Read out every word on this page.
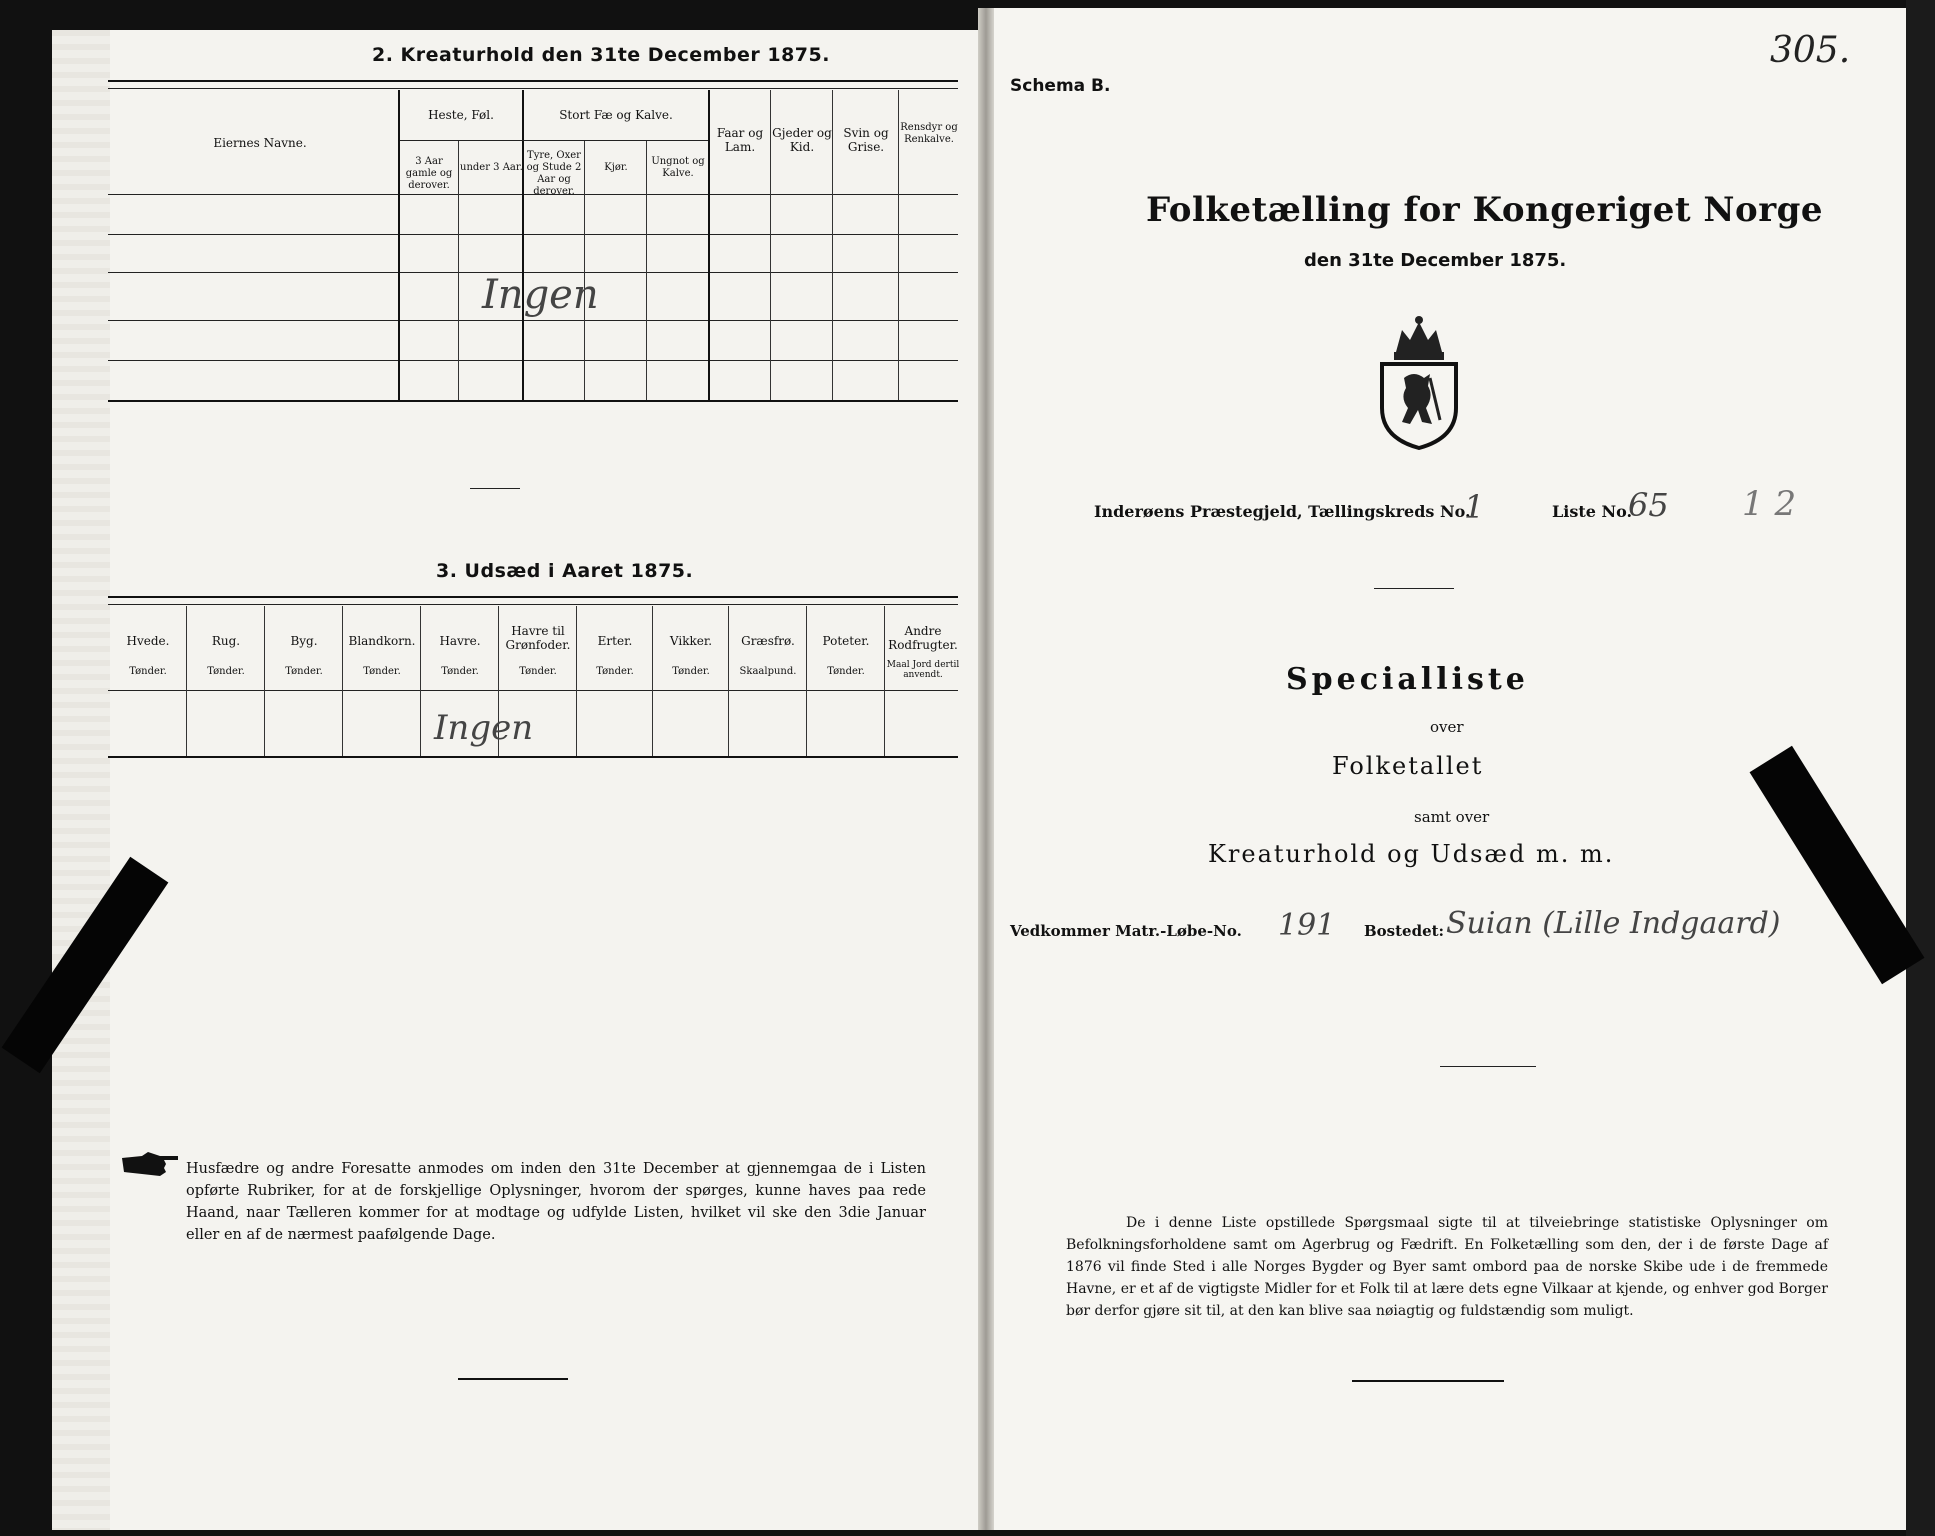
2. Kreaturhold den 31te December 1875.
Eiernes Navne.
Heste, Føl.
3 Aar gamle og derover.
under 3 Aar.
Stort Fæ og Kalve.
Tyre, Oxer og Stude 2 Aar og derover.
Kjør.
Ungnot og Kalve.
Faar og Lam.
Gjeder og Kid.
Svin og Grise.
Rensdyr og Renkalve.
Ingen
3. Udsæd i Aaret 1875.
Hvede.
Tønder.
Rug.
Tønder.
Byg.
Tønder.
Blandkorn.
Tønder.
Havre.
Tønder.
Havre til Grønfoder.
Tønder.
Erter.
Tønder.
Vikker.
Tønder.
Græsfrø.
Skaalpund.
Poteter.
Tønder.
Andre Rodfrugter.
Maal Jord dertil anvendt.
Ingen
Husfædre og andre Foresatte anmodes om inden den 31te December at gjennemgaa de i Listen opførte Rubriker, for at de forskjellige Oplysninger, hvorom der spørges, kunne haves paa rede Haand, naar Tælleren kommer for at modtage og udfylde Listen, hvilket vil ske den 3die Januar eller en af de nærmest paafølgende Dage.
305.
Schema B.
Folketælling for Kongeriget Norge
den 31te December 1875.
Inderøens Præstegjeld, Tællingskreds No.
1	Liste No.
65 1 2
Specialliste
over
Folketallet
samt over
Kreaturhold og Udsæd m. m.
Vedkommer Matr.-Løbe-No. 191 Bostedet: Suian (Lille Indgaard)
De i denne Liste opstillede Spørgsmaal sigte til at tilveiebringe statistiske Oplysninger om Befolkningsforholdene samt om Agerbrug og Fædrift. En Folketælling som den, der i de første Dage af 1876 vil finde Sted i alle Norges Bygder og Byer samt ombord paa de norske Skibe ude i de fremmede Havne, er et af de vigtigste Midler for et Folk til at lære dets egne Vilkaar at kjende, og enhver god Borger bør derfor gjøre sit til, at den kan blive saa nøiagtig og fuldstændig som muligt.
